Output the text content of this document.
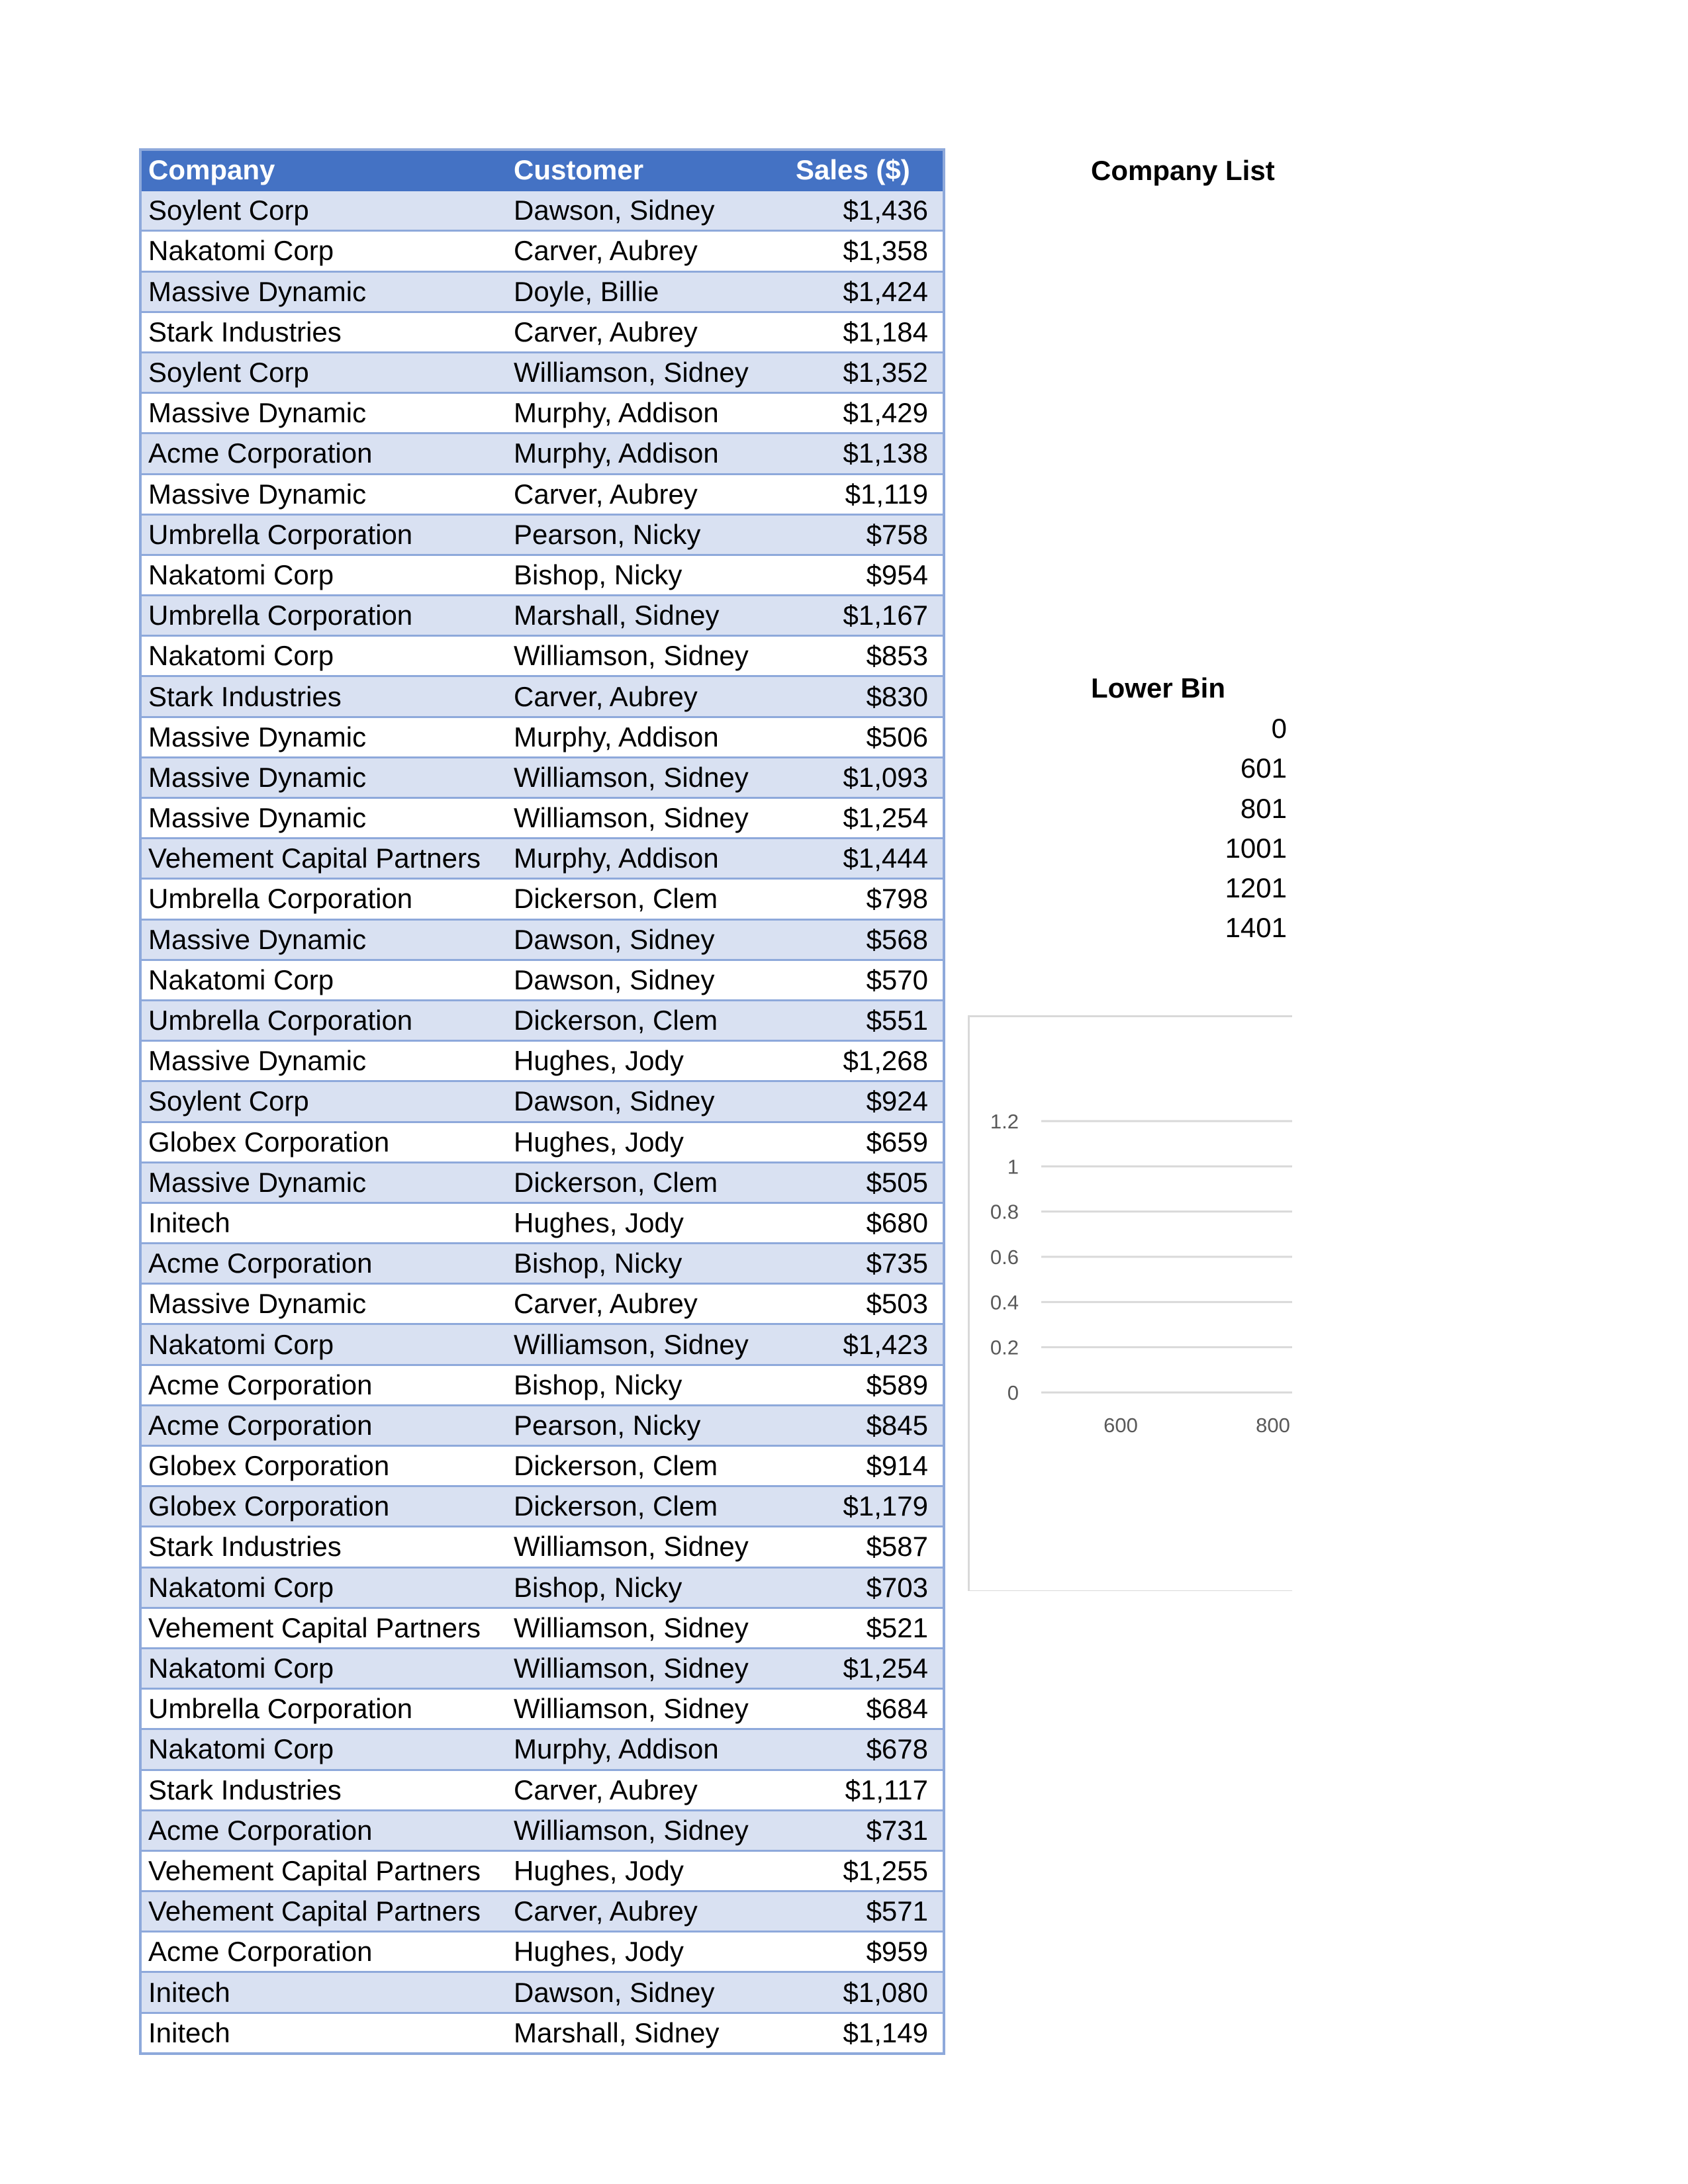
Company	Customer	Sales ($)
Soylent Corp	Dawson, Sidney	$1,436
Nakatomi Corp	Carver, Aubrey	$1,358
Massive Dynamic	Doyle, Billie	$1,424
Stark Industries	Carver, Aubrey	$1,184
Soylent Corp	Williamson, Sidney	$1,352
Massive Dynamic	Murphy, Addison	$1,429
Acme Corporation	Murphy, Addison	$1,138
Massive Dynamic	Carver, Aubrey	$1,119
Umbrella Corporation	Pearson, Nicky	$758
Nakatomi Corp	Bishop, Nicky	$954
Umbrella Corporation	Marshall, Sidney	$1,167
Nakatomi Corp	Williamson, Sidney	$853
Stark Industries	Carver, Aubrey	$830
Massive Dynamic	Murphy, Addison	$506
Massive Dynamic	Williamson, Sidney	$1,093
Massive Dynamic	Williamson, Sidney	$1,254
Vehement Capital Partners	Murphy, Addison	$1,444
Umbrella Corporation	Dickerson, Clem	$798
Massive Dynamic	Dawson, Sidney	$568
Nakatomi Corp	Dawson, Sidney	$570
Umbrella Corporation	Dickerson, Clem	$551
Massive Dynamic	Hughes, Jody	$1,268
Soylent Corp	Dawson, Sidney	$924
Globex Corporation	Hughes, Jody	$659
Massive Dynamic	Dickerson, Clem	$505
Initech	Hughes, Jody	$680
Acme Corporation	Bishop, Nicky	$735
Massive Dynamic	Carver, Aubrey	$503
Nakatomi Corp	Williamson, Sidney	$1,423
Acme Corporation	Bishop, Nicky	$589
Acme Corporation	Pearson, Nicky	$845
Globex Corporation	Dickerson, Clem	$914
Globex Corporation	Dickerson, Clem	$1,179
Stark Industries	Williamson, Sidney	$587
Nakatomi Corp	Bishop, Nicky	$703
Vehement Capital Partners	Williamson, Sidney	$521
Nakatomi Corp	Williamson, Sidney	$1,254
Umbrella Corporation	Williamson, Sidney	$684
Nakatomi Corp	Murphy, Addison	$678
Stark Industries	Carver, Aubrey	$1,117
Acme Corporation	Williamson, Sidney	$731
Vehement Capital Partners	Hughes, Jody	$1,255
Vehement Capital Partners	Carver, Aubrey	$571
Acme Corporation	Hughes, Jody	$959
Initech	Dawson, Sidney	$1,080
Initech	Marshall, Sidney	$1,149
Company List
Lower Bin
0
601
801
1001
1201
1401
0
0.2
0.4
0.6
0.8
1
1.2
600	800
